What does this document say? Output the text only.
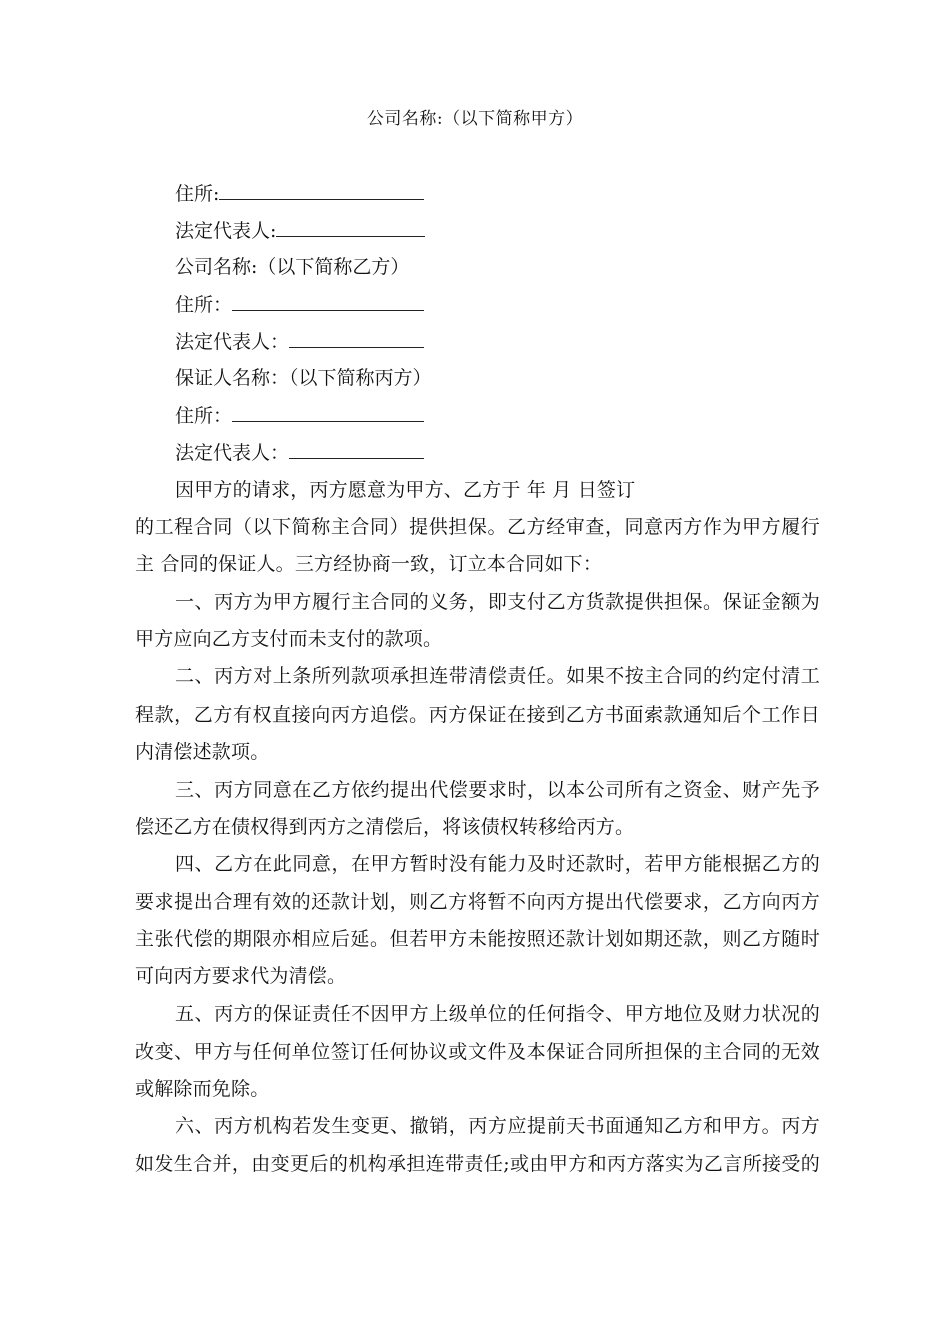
公司名称:（以下简称甲方）
住所:
法定代表人:
公司名称:（以下简称乙方）
住所：
法定代表人：
保证人名称：（以下简称丙方）
住所：
法定代表人：
因甲方的请求，丙方愿意为甲方、乙方于 年 月 日签订
的工程合同（以下简称主合同）提供担保。乙方经审查，同意丙方作为甲方履行
主 合同的保证人。三方经协商一致，订立本合同如下：
一、丙方为甲方履行主合同的义务，即支付乙方货款提供担保。保证金额为
甲方应向乙方支付而未支付的款项。
二、丙方对上条所列款项承担连带清偿责任。如果不按主合同的约定付清工
程款，乙方有权直接向丙方追偿。丙方保证在接到乙方书面索款通知后个工作日
内清偿述款项。
三、丙方同意在乙方依约提出代偿要求时，以本公司所有之资金、财产先予
偿还乙方在债权得到丙方之清偿后，将该债权转移给丙方。
四、乙方在此同意，在甲方暂时没有能力及时还款时，若甲方能根据乙方的
要求提出合理有效的还款计划，则乙方将暂不向丙方提出代偿要求，乙方向丙方
主张代偿的期限亦相应后延。但若甲方未能按照还款计划如期还款，则乙方随时
可向丙方要求代为清偿。
五、丙方的保证责任不因甲方上级单位的任何指令、甲方地位及财力状况的
改变、甲方与任何单位签订任何协议或文件及本保证合同所担保的主合同的无效
或解除而免除。
六、丙方机构若发生变更、撤销，丙方应提前天书面通知乙方和甲方。丙方
如发生合并，由变更后的机构承担连带责任;或由甲方和丙方落实为乙言所接受的
